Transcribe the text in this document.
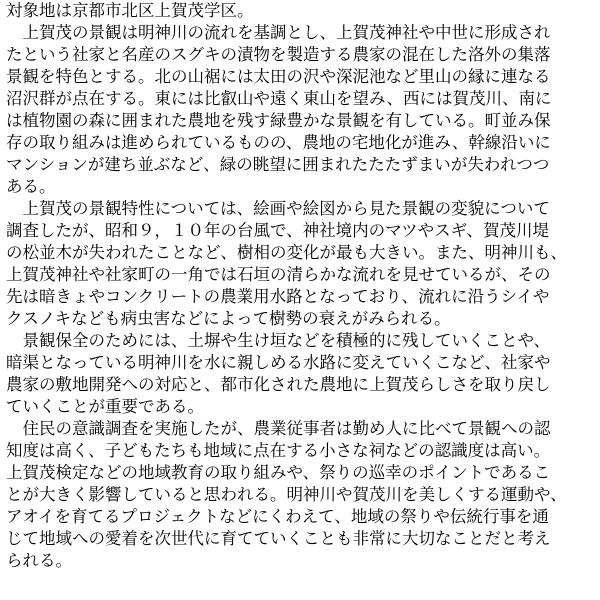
対象地は京都市北区上賀茂学区。
　上賀茂の景観は明神川の流れを基調とし、上賀茂神社や中世に形成され
たという社家と名産のスグキの漬物を製造する農家の混在した洛外の集落
景観を特色とする。北の山裾には太田の沢や深泥池など里山の縁に連なる
沼沢群が点在する。東には比叡山や遠く東山を望み、西には賀茂川、南に
は植物園の森に囲まれた農地を残す緑豊かな景観を有している。町並み保
存の取り組みは進められているものの、農地の宅地化が進み、幹線沿いに
マンションが建ち並ぶなど、緑の眺望に囲まれたたたずまいが失われつつ
ある。
　上賀茂の景観特性については、絵画や絵図から見た景観の変貌について
調査したが、昭和９，１０年の台風で、神社境内のマツやスギ、賀茂川堤
の松並木が失われたことなど、樹相の変化が最も大きい。また、明神川も、
上賀茂神社や社家町の一角では石垣の清らかな流れを見せているが、その
先は暗きょやコンクリートの農業用水路となっており、流れに沿うシイや
クスノキなども病虫害などによって樹勢の衰えがみられる。
　景観保全のためには、土塀や生け垣などを積極的に残していくことや、
暗渠となっている明神川を水に親しめる水路に変えていくこなど、社家や
農家の敷地開発への対応と、都市化された農地に上賀茂らしさを取り戻し
ていくことが重要である。
　住民の意識調査を実施したが、農業従事者は勤め人に比べて景観への認
知度は高く、子どもたちも地域に点在する小さな祠などの認識度は高い。
上賀茂検定などの地域教育の取り組みや、祭りの巡幸のポイントであるこ
とが大きく影響していると思われる。明神川や賀茂川を美しくする運動や、
アオイを育てるプロジェクトなどにくわえて、地域の祭りや伝統行事を通
じて地域への愛着を次世代に育てていくことも非常に大切なことだと考え
られる。
